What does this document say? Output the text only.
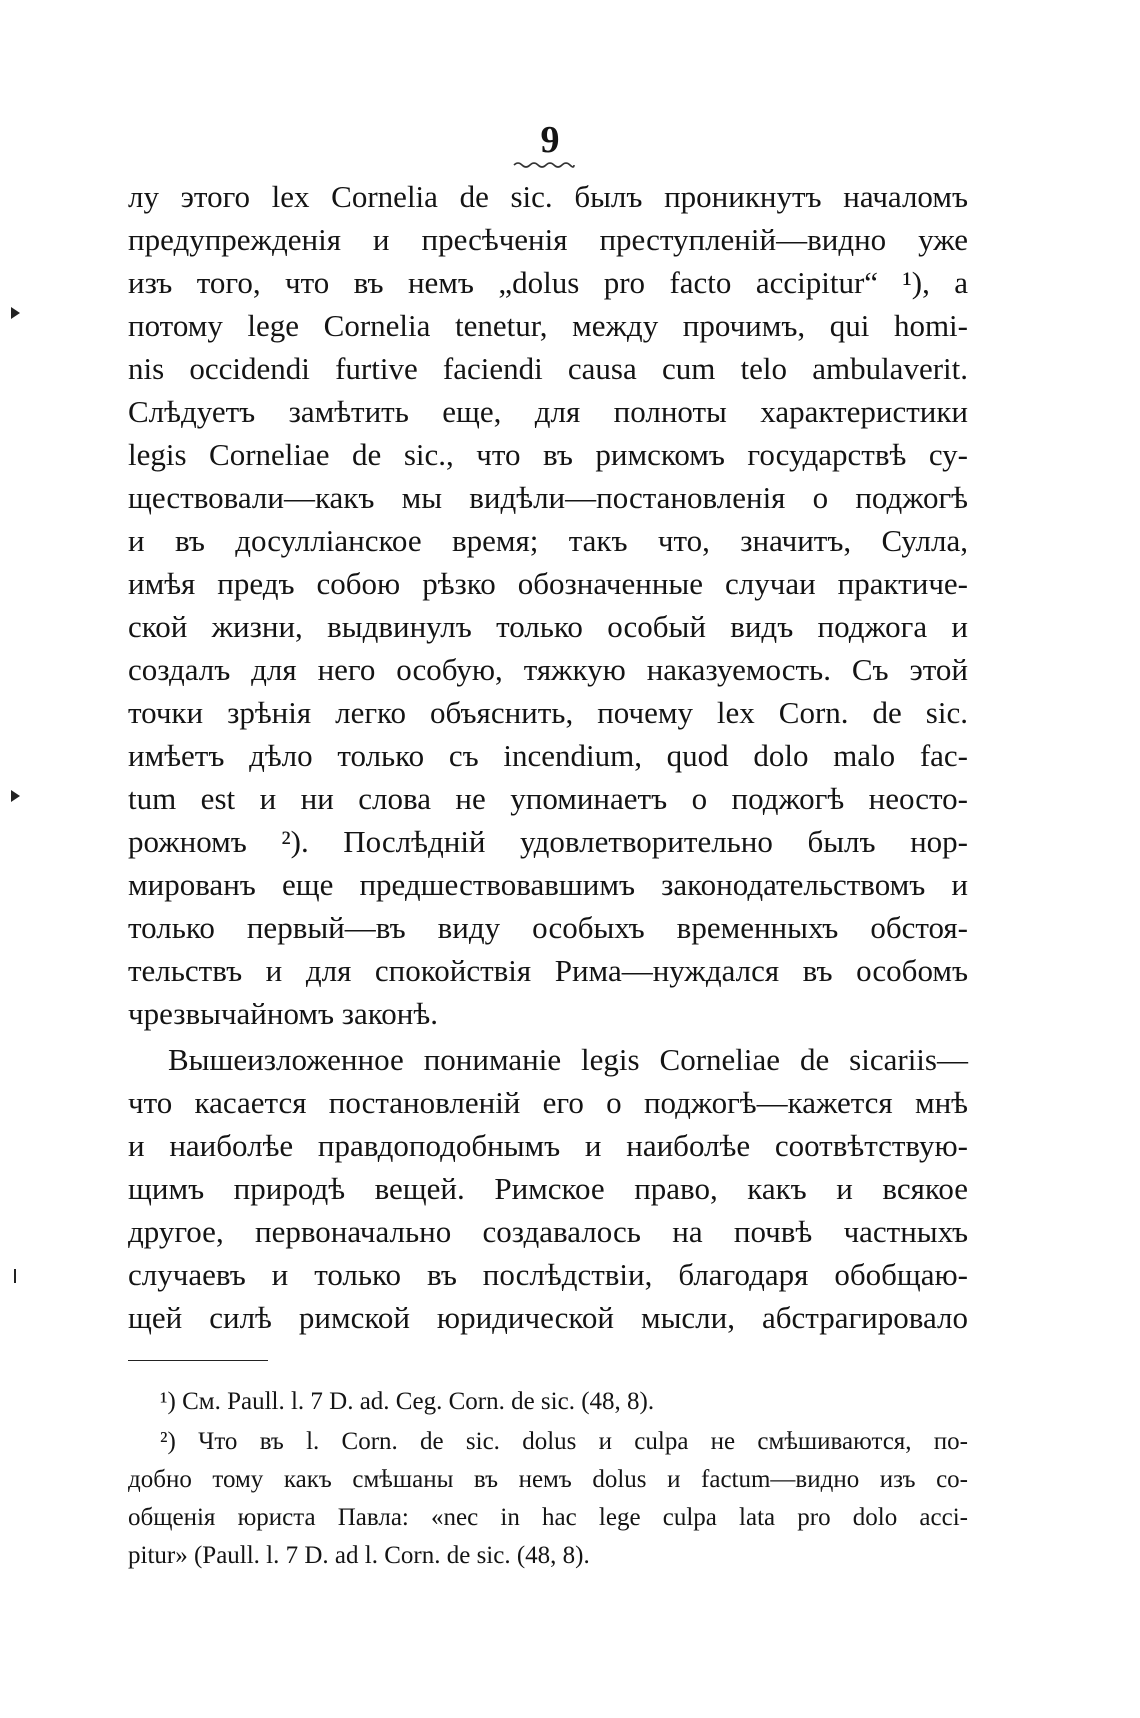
9
лу этого lex Cornelia de sic. былъ проникнутъ началомъ
предупрежденія и пресѣченія преступленій—видно уже
изъ того, что въ немъ „dolus pro facto accipitur“ ¹), а
потому lege Cornelia tenetur, между прочимъ, qui homi-
nis occidendi furtive faciendi causa cum telo ambulaverit.
Слѣдуетъ замѣтить еще, для полноты характеристики
legis Corneliae de sic., что въ римскомъ государствѣ су-
ществовали—какъ мы видѣли—постановленія о поджогѣ
и въ досулліанское время; такъ что, значитъ, Сулла,
имѣя предъ собою рѣзко обозначенные случаи практиче-
ской жизни, выдвинулъ только особый видъ поджога и
создалъ для него особую, тяжкую наказуемость. Съ этой
точки зрѣнія легко объяснить, почему lex Corn. de sic.
имѣетъ дѣло только съ incendium, quod dolo malo fac-
tum est и ни слова не упоминаетъ о поджогѣ неосто-
рожномъ ²). Послѣдній удовлетворительно былъ нор-
мированъ еще предшествовавшимъ законодательствомъ и
только первый—въ виду особыхъ временныхъ обстоя-
тельствъ и для спокойствія Рима—нуждался въ особомъ
чрезвычайномъ законѣ.
Вышеизложенное пониманіе legis Corneliae de sicariis—
что касается постановленій его о поджогѣ—кажется мнѣ
и наиболѣе правдоподобнымъ и наиболѣе соотвѣтствую-
щимъ природѣ вещей. Римское право, какъ и всякое
другое, первоначально создавалось на почвѣ частныхъ
случаевъ и только въ послѣдствіи, благодаря обобщаю-
щей силѣ римской юридической мысли, абстрагировало
¹) См. Paull. l. 7 D. ad. Ceg. Corn. de sic. (48, 8).
²) Что въ l. Corn. de sic. dolus и culpa не смѣшиваются, по-
добно тому какъ смѣшаны въ немъ dolus и factum—видно изъ со-
общенія юриста Павла: «nec in hac lege culpa lata pro dolo acci-
pitur» (Paull. l. 7 D. ad l. Corn. de sic. (48, 8).
